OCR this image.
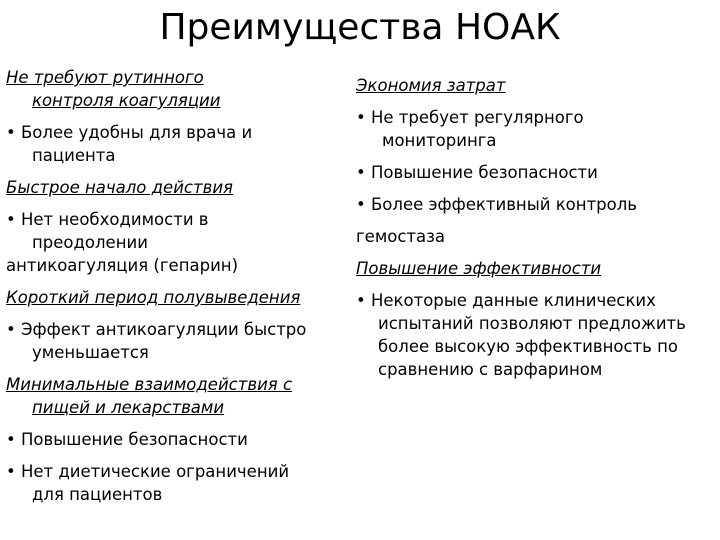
Преимущества НОАК
Не требуют рутинного
контроля коагуляции
• Более удобны для врача и
пациента
Быстрое начало действия
• Нет необходимости в
преодолении
антикоагуляция (гепарин)
Короткий период полувыведения
• Эффект антикоагуляции быстро
уменьшается
Минимальные взаимодействия с
пищей и лекарствами
• Повышение безопасности
• Нет диетические ограничений
для пациентов
Экономия затрат
• Не требует регулярного
мониторинга
• Повышение безопасности
• Более эффективный контроль
гемостаза
Повышение эффективности
• Некоторые данные клинических
испытаний позволяют предложить
более высокую эффективность по
сравнению с варфарином
